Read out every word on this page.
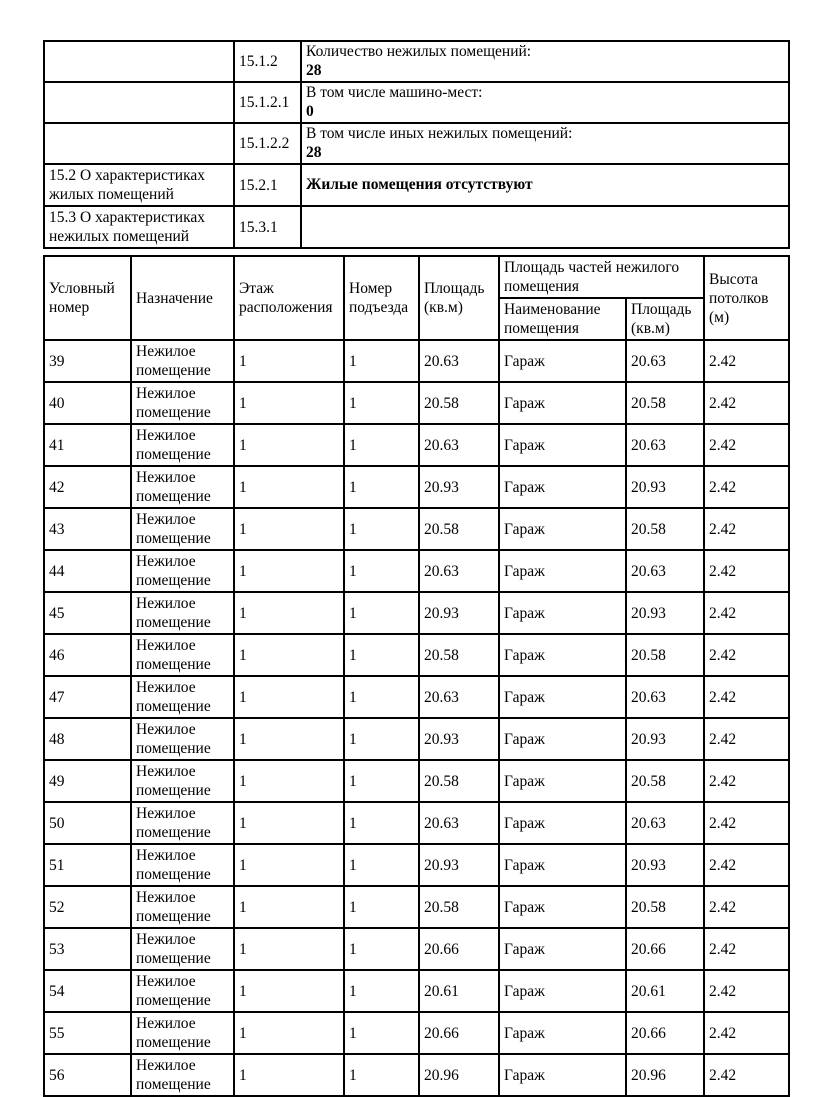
	15.1.2	Количество нежилых помещений:
28

	15.1.2.1	В том числе машино-мест:
0

	15.1.2.2	В том числе иных нежилых помещений:
28

15.2 О характеристиках жилых помещений	15.2.1	Жилые помещения отсутствуют

15.3 О характеристиках нежилых помещений	15.3.1	
Условный номер	Назначение	Этаж расположения	Номер подъезда	Площадь (кв.м)	Площадь частей нежилого помещения		Высота потолков (м)
					Наименование помещения	Площадь (кв.м)	
39	Нежилое помещение	1	1	20.63	Гараж	20.63	2.42
40	Нежилое помещение	1	1	20.58	Гараж	20.58	2.42
41	Нежилое помещение	1	1	20.63	Гараж	20.63	2.42
42	Нежилое помещение	1	1	20.93	Гараж	20.93	2.42
43	Нежилое помещение	1	1	20.58	Гараж	20.58	2.42
44	Нежилое помещение	1	1	20.63	Гараж	20.63	2.42
45	Нежилое помещение	1	1	20.93	Гараж	20.93	2.42
46	Нежилое помещение	1	1	20.58	Гараж	20.58	2.42
47	Нежилое помещение	1	1	20.63	Гараж	20.63	2.42
48	Нежилое помещение	1	1	20.93	Гараж	20.93	2.42
49	Нежилое помещение	1	1	20.58	Гараж	20.58	2.42
50	Нежилое помещение	1	1	20.63	Гараж	20.63	2.42
51	Нежилое помещение	1	1	20.93	Гараж	20.93	2.42
52	Нежилое помещение	1	1	20.58	Гараж	20.58	2.42
53	Нежилое помещение	1	1	20.66	Гараж	20.66	2.42
54	Нежилое помещение	1	1	20.61	Гараж	20.61	2.42
55	Нежилое помещение	1	1	20.66	Гараж	20.66	2.42
56	Нежилое помещение	1	1	20.96	Гараж	20.96	2.42
